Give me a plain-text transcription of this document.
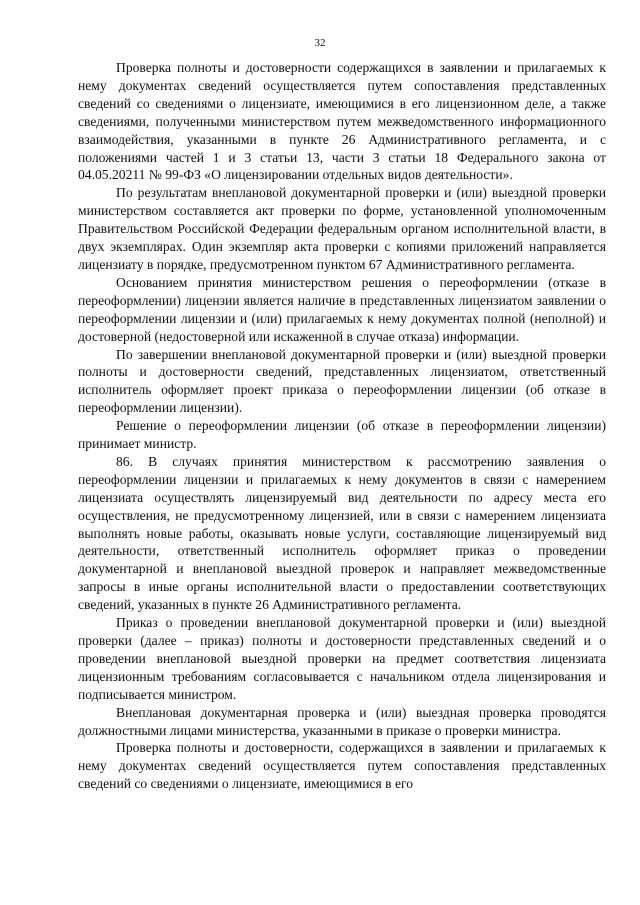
32

Проверка полноты и достоверности содержащихся в заявлении и прилагаемых к нему документах сведений осуществляется путем сопоставления представленных сведений со сведениями о лицензиате, имеющимися в его лицензионном деле, а также сведениями, полученными министерством путем межведомственного информационного взаимодействия, указанными в пункте 26 Административного регламента, и с положениями частей 1 и 3 статьи 13, части 3 статьи 18 Федерального закона от 04.05.20211 № 99-ФЗ «О лицензировании отдельных видов деятельности».

По результатам внеплановой документарной проверки и (или) выездной проверки министерством составляется акт проверки по форме, установленной уполномоченным Правительством Российской Федерации федеральным органом исполнительной власти, в двух экземплярах. Один экземпляр акта проверки с копиями приложений направляется лицензиату в порядке, предусмотренном пунктом 67 Административного регламента.

Основанием принятия министерством решения о переоформлении (отказе в переоформлении) лицензии является наличие в представленных лицензиатом заявлении о переоформлении лицензии и (или) прилагаемых к нему документах полной (неполной) и достоверной (недостоверной или искаженной в случае отказа) информации.

По завершении внеплановой документарной проверки и (или) выездной проверки полноты и достоверности сведений, представленных лицензиатом, ответственный исполнитель оформляет проект приказа о переоформлении лицензии (об отказе в переоформлении лицензии).

Решение о переоформлении лицензии (об отказе в переоформлении лицензии) принимает министр.

86. В случаях принятия министерством к рассмотрению заявления о переоформлении лицензии и прилагаемых к нему документов в связи с намерением лицензиата осуществлять лицензируемый вид деятельности по адресу места его осуществления, не предусмотренному лицензией, или в связи с намерением лицензиата выполнять новые работы, оказывать новые услуги, составляющие лицензируемый вид деятельности, ответственный исполнитель оформляет приказ о проведении документарной и внеплановой выездной проверок и направляет межведомственные запросы в иные органы исполнительной власти о предоставлении соответствующих сведений, указанных в пункте 26 Административного регламента.

Приказ о проведении внеплановой документарной проверки и (или) выездной проверки (далее – приказ) полноты и достоверности представленных сведений и о проведении внеплановой выездной проверки на предмет соответствия лицензиата лицензионным требованиям согласовывается с начальником отдела лицензирования и подписывается министром.

Внеплановая документарная проверка и (или) выездная проверка проводятся должностными лицами министерства, указанными в приказе о проверки министра.

Проверка полноты и достоверности, содержащихся в заявлении и прилагаемых к нему документах сведений осуществляется путем сопоставления представленных сведений со сведениями о лицензиате, имеющимися в его
